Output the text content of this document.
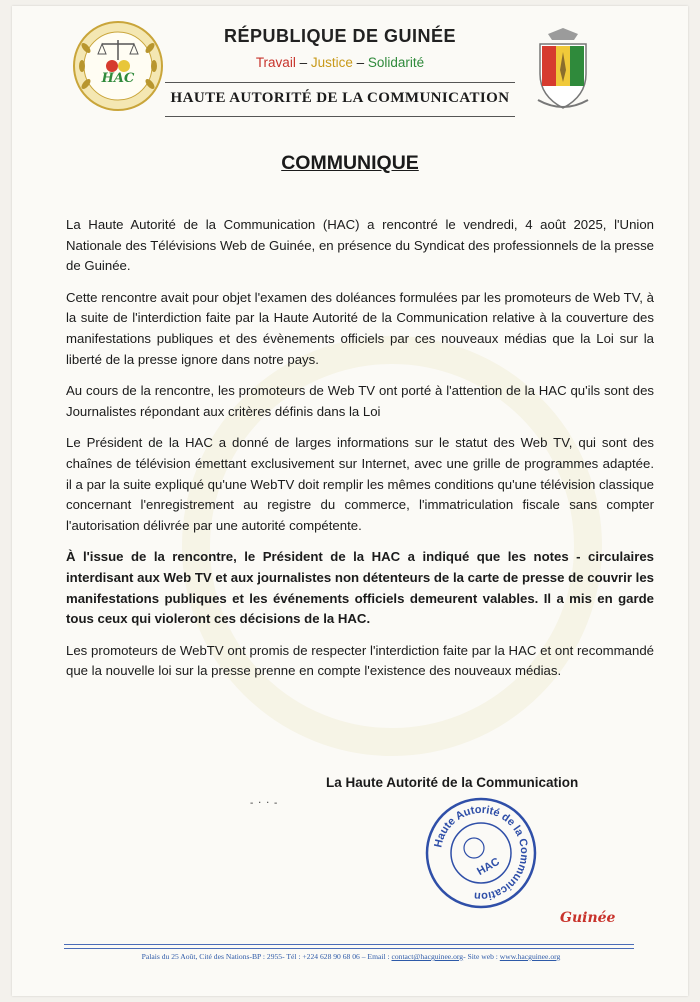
HAC
RÉPUBLIQUE DE GUINÉE
Travail – Justice – Solidarité
HAUTE AUTORITÉ DE LA COMMUNICATION
COMMUNIQUE

La Haute Autorité de la Communication (HAC) a rencontré le vendredi, 4 août 2025, l'Union Nationale des Télévisions Web de Guinée, en présence du Syndicat des professionnels de la presse de Guinée.

Cette rencontre avait pour objet l'examen des doléances formulées par les promoteurs de Web TV, à la suite de l'interdiction faite par la Haute Autorité de la Communication relative à la couverture des manifestations publiques et des évènements officiels par ces nouveaux médias que la Loi sur la liberté de la presse ignore dans notre pays.

Au cours de la rencontre, les promoteurs de Web TV ont porté à l'attention de la HAC qu'ils sont des Journalistes répondant aux critères définis dans la Loi

Le Président de la HAC a donné de larges informations sur le statut des Web TV, qui sont des chaînes de télévision émettant exclusivement sur Internet, avec une grille de programmes adaptée. il a par la suite expliqué qu'une WebTV doit remplir les mêmes conditions qu'une télévision classique concernant l'enregistrement au registre du commerce, l'immatriculation fiscale sans compter l'autorisation délivrée par une autorité compétente.

À l'issue de la rencontre, le Président de la HAC a indiqué que les notes - circulaires interdisant aux Web TV et aux journalistes non détenteurs de la carte de presse de couvrir les manifestations publiques et les événements officiels demeurent valables. Il a mis en garde tous ceux qui violeront ces décisions de la HAC.

Les promoteurs de WebTV ont promis de respecter l'interdiction faite par la HAC et ont recommandé que la nouvelle loi sur la presse prenne en compte l'existence des nouveaux médias.

La Haute Autorité de la Communication
- ‧ ‧ -
Haute Autorité de la Communication
HAC
Guinée
Palais du 25 Août, Cité des Nations-BP : 2955- Tél : +224 628 90 68 06 – Email : contact@hacguinee.org- Site web : www.hacguinee.org
